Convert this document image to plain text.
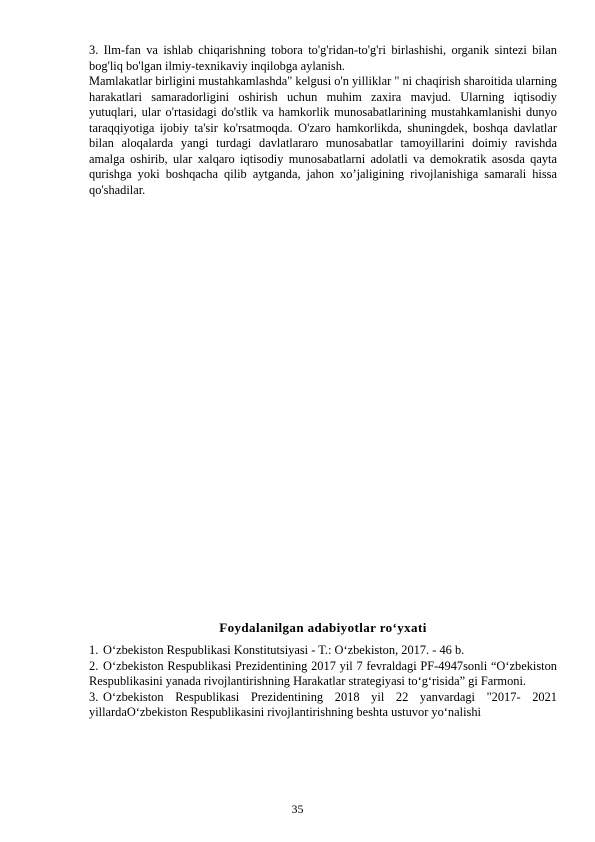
3. Ilm-fan va ishlab chiqarishning tobora to'g'ridan-to'g'ri birlashishi, organik sintezi bilan bog'liq bo'lgan ilmiy-texnikaviy inqilobga aylanish.

Mamlakatlar birligini mustahkamlashda" kelgusi o'n yilliklar " ni chaqirish sharoitida ularning harakatlari samaradorligini oshirish uchun muhim zaxira mavjud. Ularning iqtisodiy yutuqlari, ular o'rtasidagi do'stlik va hamkorlik munosabatlarining mustahkamlanishi dunyo taraqqiyotiga ijobiy ta'sir ko'rsatmoqda. O'zaro hamkorlikda, shuningdek, boshqa davlatlar bilan aloqalarda yangi turdagi davlatlararo munosabatlar tamoyillarini doimiy ravishda amalga oshirib, ular xalqaro iqtisodiy munosabatlarni adolatli va demokratik asosda qayta qurishga yoki boshqacha qilib aytganda, jahon xo’jaligining rivojlanishiga samarali hissa qo'shadilar.

Foydalanilgan adabiyotlar ro‘yxati
1. O‘zbekiston Respublikasi Konstitutsiyasi - T.: O‘zbekiston, 2017. - 46 b.
2. O‘zbekiston Respublikasi Prezidentining 2017 yil 7 fevraldagi PF-4947sonli “O‘zbekiston Respublikasini yanada rivojlantirishning Harakatlar strategiyasi to‘g‘risida” gi Farmoni.
3. O‘zbekiston Respublikasi Prezidentining 2018 yil 22 yanvardagi "2017- 2021 yillardaO‘zbekiston Respublikasini rivojlantirishning beshta ustuvor yo‘nalishi
35
